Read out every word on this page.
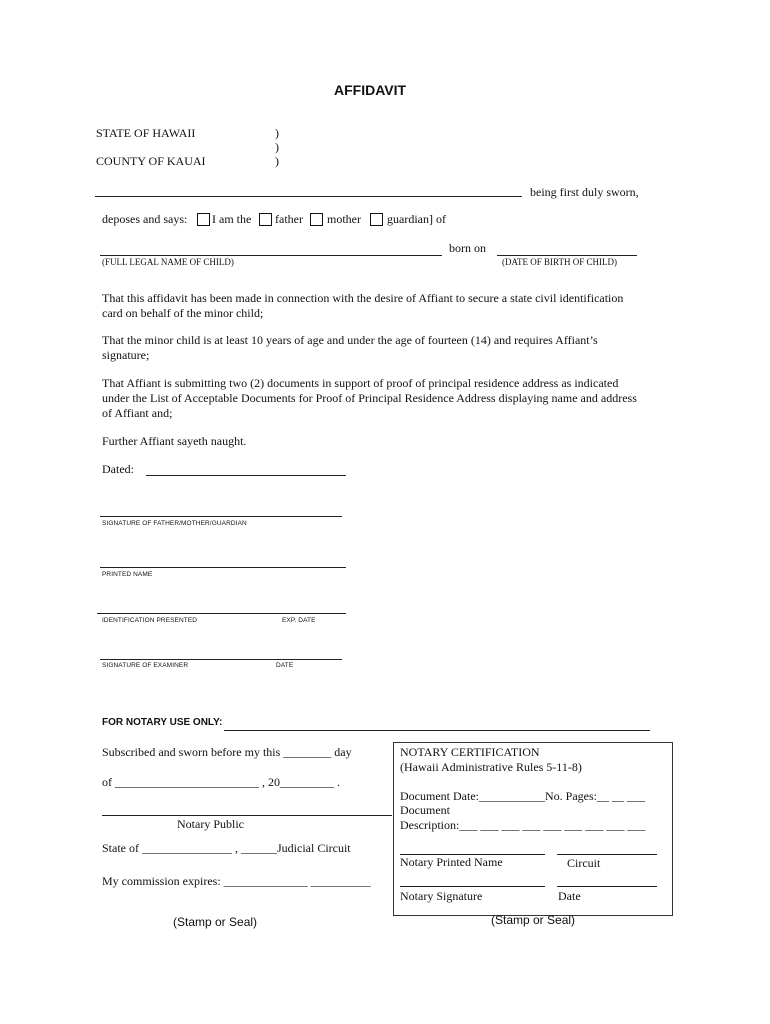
AFFIDAVIT
STATE OF HAWAII
COUNTY OF KAUAI
)
)
)
being first duly sworn,
deposes and says: I am the father mother guardian] of
born on
(FULL LEGAL NAME OF CHILD)	(DATE OF BIRTH OF CHILD)
That this affidavit has been made in connection with the desire of Affiant to secure a state civil identification card on behalf of the minor child;
That the minor child is at least 10 years of age and under the age of fourteen (14) and requires Affiant’s signature;
That Affiant is submitting two (2) documents in support of proof of principal residence address as indicated under the List of Acceptable Documents for Proof of Principal Residence Address displaying name and address of Affiant and;
Further Affiant sayeth naught.
Dated:
SIGNATURE OF FATHER/MOTHER/GUARDIAN
PRINTED NAME
IDENTIFICATION PRESENTED	EXP. DATE
SIGNATURE OF EXAMINER	DATE
FOR NOTARY USE ONLY:
Subscribed and sworn before my this ________ day
of ________________________ , 20_________ .
Notary Public
State of _______________ , ______Judicial Circuit
My commission expires: ______________ __________
(Stamp or Seal)
NOTARY CERTIFICATION
(Hawaii Administrative Rules 5-11-8)
Document Date:___________No. Pages:__ __ ___
Document
Description:___ ___ ___ ___ ___ ___ ___ ___ ___
Notary Printed Name	Circuit
Notary Signature	Date
(Stamp or Seal)
